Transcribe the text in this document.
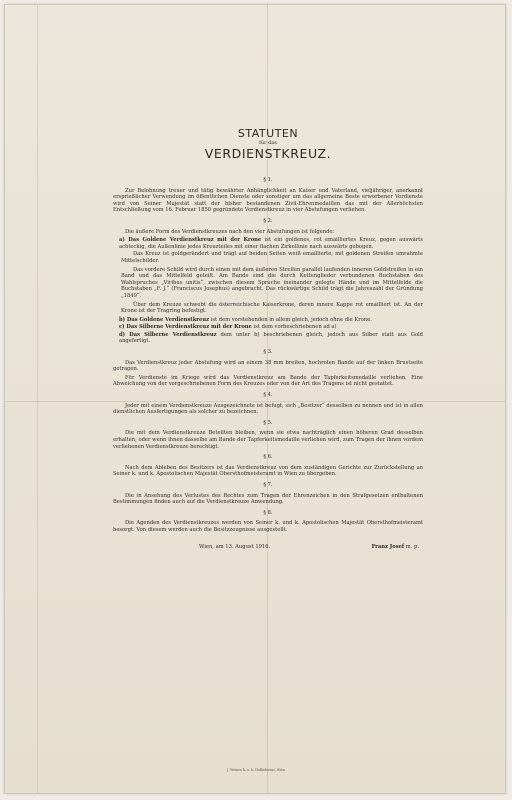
STATUTEN
für das
VERDIENSTKREUZ.
§ 1.

Zur Belohnung treuer und tätig bewährter Anhänglichkeit an Kaiser und Vaterland, vieljähriger, anerkannt ersprießlicher Verwendung im öffentlichen Dienste oder sonstiger um das allgemeine Beste erworbener Verdienste wird von Seiner Majestät statt der bisher bestandenen Zivil-Ehrenmedaillen das mit der Allerhöchsten Entschließung vom 16. Februar 1850 gegründete Verdienstkreuz in vier Abstufungen verliehen.

§ 2.

Die äußere Form des Verdienstkreuzes nach den vier Abstufungen ist folgende:

a) Das Goldene Verdienstkreuz mit der Krone ist ein goldenes, rot emailliertes Kreuz, gegen auswärts achteckig, die Außenlinie jedes Kreuzteiles mit einer flachen Zirkellinie nach auswärts gebogen.

Das Kreuz ist goldgerändert und trägt auf beiden Seiten weiß emaillierte, mit goldenen Streifen umrahmte Mittelschilder.

Das vordere Schild wird durch einen mit dem äußeren Streifen parallel laufenden inneren Goldstreifen in ein Band und das Mittelfeld geteilt. Am Bande sind die durch Kettenglieder verbundenen Buchstaben des Wahlspruches „Viribus unitis“, zwischen diesem Spruche ineinander gelegte Hände und im Mittelfelde die Buchstaben „F. J.“ (Franciscus Josephus) angebracht. Das rückwärtige Schild trägt die Jahreszahl der Gründung „1849“.

Über dem Kreuze schwebt die österreichische Kaiserkrone, deren innere Kappe rot emailliert ist. An der Krone ist der Tragring befestigt.

b) Das Goldene Verdienstkreuz ist dem vorstehenden in allem gleich, jedoch ohne die Krone.

c) Das Silberne Verdienstkreuz mit der Krone ist dem vorbeschriebenen ad a)

d) Das Silberne Verdienstkreuz dem unter b) beschriebenen gleich, jedoch aus Silber statt aus Gold angefertigt.

§ 3.

Das Verdienstkreuz jeder Abstufung wird an einem 38 mm breiten, hochroten Bande auf der linken Brustseite getragen.

Für Verdienste im Kriege wird das Verdienstkreuz am Bande der Tapferkeitsmedaille verliehen. Eine Abweichung von der vorgeschriebenen Form des Kreuzes oder von der Art des Tragens ist nicht gestattet.

§ 4.

Jeder mit einem Verdienstkreuze Ausgezeichnete ist befugt, sich „Besitzer“ desselben zu nennen und ist in allen dienstlichen Ausfertigungen als solcher zu bezeichnen.

§ 5.

Die mit dem Verdienstkreuze Beteilten bleiben, wenn sie etwa nachträglich einen höheren Grad desselben erhalten, oder wenn ihnen dasselbe am Bande der Tapferkeitsmedaille verliehen wird, zum Tragen der ihnen vordem verliehenen Verdienstkreuze berechtigt.

§ 6.

Nach dem Ableben des Besitzers ist das Verdienstkreuz von dem zuständigen Gerichte zur Zurückstellung an Seiner k. und k. Apostolischen Majestät Obersthofmeisteramt in Wien zu übergeben.

§ 7.

Die in Ansehung des Verlustes des Rechtes zum Tragen der Ehrenzeichen in den Strafgesetzen enthaltenen Bestimmungen finden auch auf die Verdienstkreuze Anwendung.

§ 8.

Die Agenden des Verdienstkreuzes werden von Seiner k. und k. Apostolischen Majestät Obersthofmeisteramt besorgt. Von diesem werden auch die Besitzzeugnisse ausgestellt.

Wien, am 13. August 1916.	Franz Josef m. p.
J. Weiner, k. u. k. Hoflieferant, Wien
